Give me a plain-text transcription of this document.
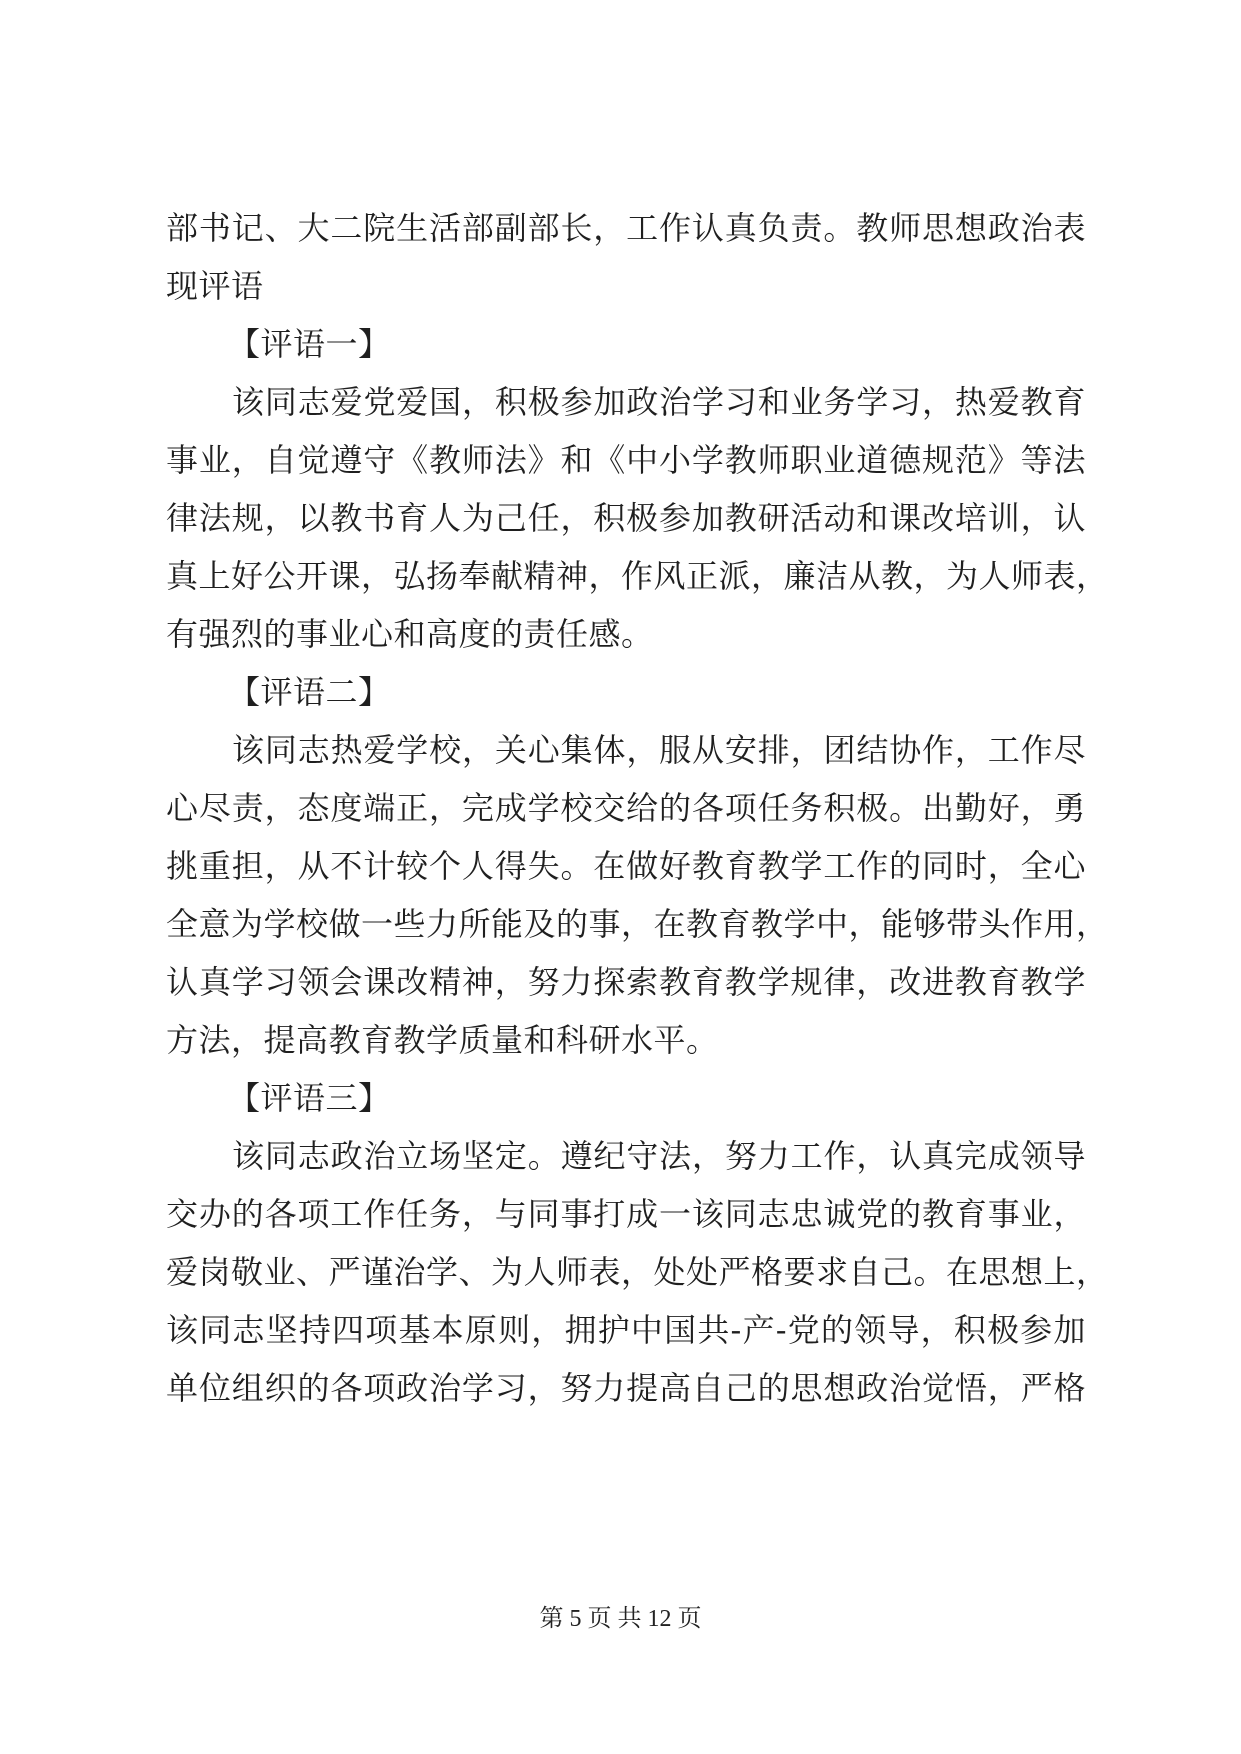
部书记、大二院生活部副部长，工作认真负责。教师思想政治表
现评语
【评语一】
该同志爱党爱国，积极参加政治学习和业务学习，热爱教育
事业，自觉遵守《教师法》和《中小学教师职业道德规范》等法
律法规，以教书育人为己任，积极参加教研活动和课改培训，认
真上好公开课，弘扬奉献精神，作风正派，廉洁从教，为人师表，
有强烈的事业心和高度的责任感。
【评语二】
该同志热爱学校，关心集体，服从安排，团结协作，工作尽
心尽责，态度端正，完成学校交给的各项任务积极。出勤好，勇
挑重担，从不计较个人得失。在做好教育教学工作的同时，全心
全意为学校做一些力所能及的事，在教育教学中，能够带头作用，
认真学习领会课改精神，努力探索教育教学规律，改进教育教学
方法，提高教育教学质量和科研水平。
【评语三】
该同志政治立场坚定。遵纪守法，努力工作，认真完成领导
交办的各项工作任务，与同事打成一该同志忠诚党的教育事业，
爱岗敬业、严谨治学、为人师表，处处严格要求自己。在思想上，
该同志坚持四项基本原则，拥护中国共-产-党的领导，积极参加
单位组织的各项政治学习，努力提高自己的思想政治觉悟，严格
第 5 页 共 12 页
